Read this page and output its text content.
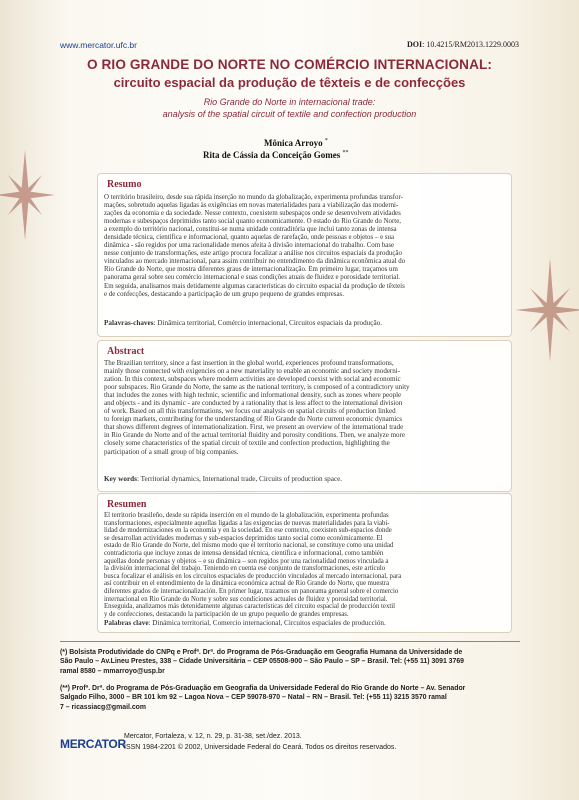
www.mercator.ufc.br	DOI: 10.4215/RM2013.1229.0003
O RIO GRANDE DO NORTE NO COMÉRCIO INTERNACIONAL:
circuito espacial da produção de têxteis e de confecções
Rio Grande do Norte in internacional trade:
analysis of the spatial circuit of textile and confection production
Mônica Arroyo *
Rita de Cássia da Conceição Gomes **
Resumo
O território brasileiro, desde sua rápida inserção no mundo da globalização, experimenta profundas transfor-
mações, sobretudo aquelas ligadas às exigências em novas materialidades para a viabilização das moderni-
zações da economia e da sociedade. Nesse contexto, coexistem subespaços onde se desenvolvem atividades
modernas e subespaços deprimidos tanto social quanto economicamente. O estado do Rio Grande do Norte,
a exemplo do território nacional, constitui-se numa unidade contraditória que inclui tanto zonas de intensa
densidade técnica, científica e informacional, quanto aquelas de rarefação, onde pessoas e objetos – e sua
dinâmica - são regidos por uma racionalidade menos afeita à divisão internacional do trabalho. Com base
nesse conjunto de transformações, este artigo procura focalizar a análise nos circuitos espaciais da produção
vinculados ao mercado internacional, para assim contribuir no entendimento da dinâmica econômica atual do
Rio Grande do Norte, que mostra diferentes graus de internacionalização. Em primeiro lugar, traçamos um
panorama geral sobre seu comércio internacional e suas condições atuais de fluidez e porosidade territorial.
Em seguida, analisamos mais detidamente algumas características do circuito espacial da produção de têxteis
e de confecções, destacando a participação de um grupo pequeno de grandes empresas.
Palavras-chaves: Dinâmica territorial, Comércio internacional, Circuitos espaciais da produção.
Abstract
The Brazilian territory, since a fast insertion in the global world, experiences profound transformations,
mainly those connected with exigencies on a new materiality to enable an economic and society moderni-
zation. In this context, subspaces where modern activities are developed coexist with social and economic
poor subspaces. Rio Grande do Norte, the same as the national territory, is composed of a contradictory unity
that includes the zones with high technic, scientific and informational density, such as zones where people
and objects - and its dynamic - are conducted by a rationality that is less affect to the international division
of work. Based on all this transformations, we focus our analysis on spatial circuits of production linked
to foreign markets, contributing for the understanding of Rio Grande do Norte current economic dynamics
that shows different degrees of internationalization. First, we present an overview of the international trade
in Rio Grande do Norte and of the actual territorial fluidity and porosity conditions. Then, we analyze more
closely some characteristics of the spatial circuit of textile and confection production, highlighting the
participation of a small group of big companies.
Key words: Territorial dynamics, International trade, Circuits of production space.
Resumen
El territorio brasileño, desde su rápida inserción en el mundo de la globalización, experimenta profundas
transformaciones, especialmente aquellas ligadas a las exigencias de nuevas materialidades para la viabi-
lidad de modernizaciones en la economía y en la sociedad. En ese contexto, coexisten sub-espacios donde
se desarrollan actividades modernas y sub-espacios deprimidos tanto social como económicamente. El
estado de Rio Grande do Norte, del mismo modo que el territorio nacional, se constituye como una unidad
contradictoria que incluye zonas de intensa densidad técnica, científica e informacional, como también
aquellas donde personas y objetos – e su dinámica – son regidos por una racionalidad menos vinculada a
la división internacional del trabajo. Teniendo en cuenta ese conjunto de transformaciones, este artículo
busca focalizar el análisis en los circuitos espaciales de producción vinculados al mercado internacional, para
así contribuir en el entendimiento de la dinámica económica actual de Rio Grande do Norte, que muestra
diferentes grados de internacionalización. En primer lugar, trazamos un panorama general sobre el comercio
internacional en Rio Grande do Norte y sobre sus condiciones actuales de fluidez y porosidad territorial.
Enseguida, analizamos más detenidamente algunas características del circuito espacial de producción textil
y de confecciones, destacando la participación de un grupo pequeño de grandes empresas.
Palabras clave: Dinámica territorial, Comercio internacional, Circuitos espaciales de producción.
(*) Bolsista Produtividade do CNPq e Profª. Drª. do Programa de Pós-Graduação em Geografia Humana da Universidade de
São Paulo – Av.Lineu Prestes, 338 – Cidade Universitária – CEP 05508-900 – São Paulo – SP – Brasil. Tel: (+55 11) 3091 3769
ramal 8580 – mmarroyo@usp.br
(**) Profª. Drª. do Programa de Pós-Graduação em Geografia da Universidade Federal do Rio Grande do Norte – Av. Senador
Salgado Filho, 3000 – BR 101 km 92 – Lagoa Nova – CEP 59078-970 – Natal – RN – Brasil. Tel: (+55 11) 3215 3570 ramal
7 – ricassiacg@gmail.com
MERCATOR
Mercator, Fortaleza, v. 12, n. 29, p. 31-38, set./dez. 2013.
ISSN 1984-2201 © 2002, Universidade Federal do Ceará. Todos os direitos reservados.
